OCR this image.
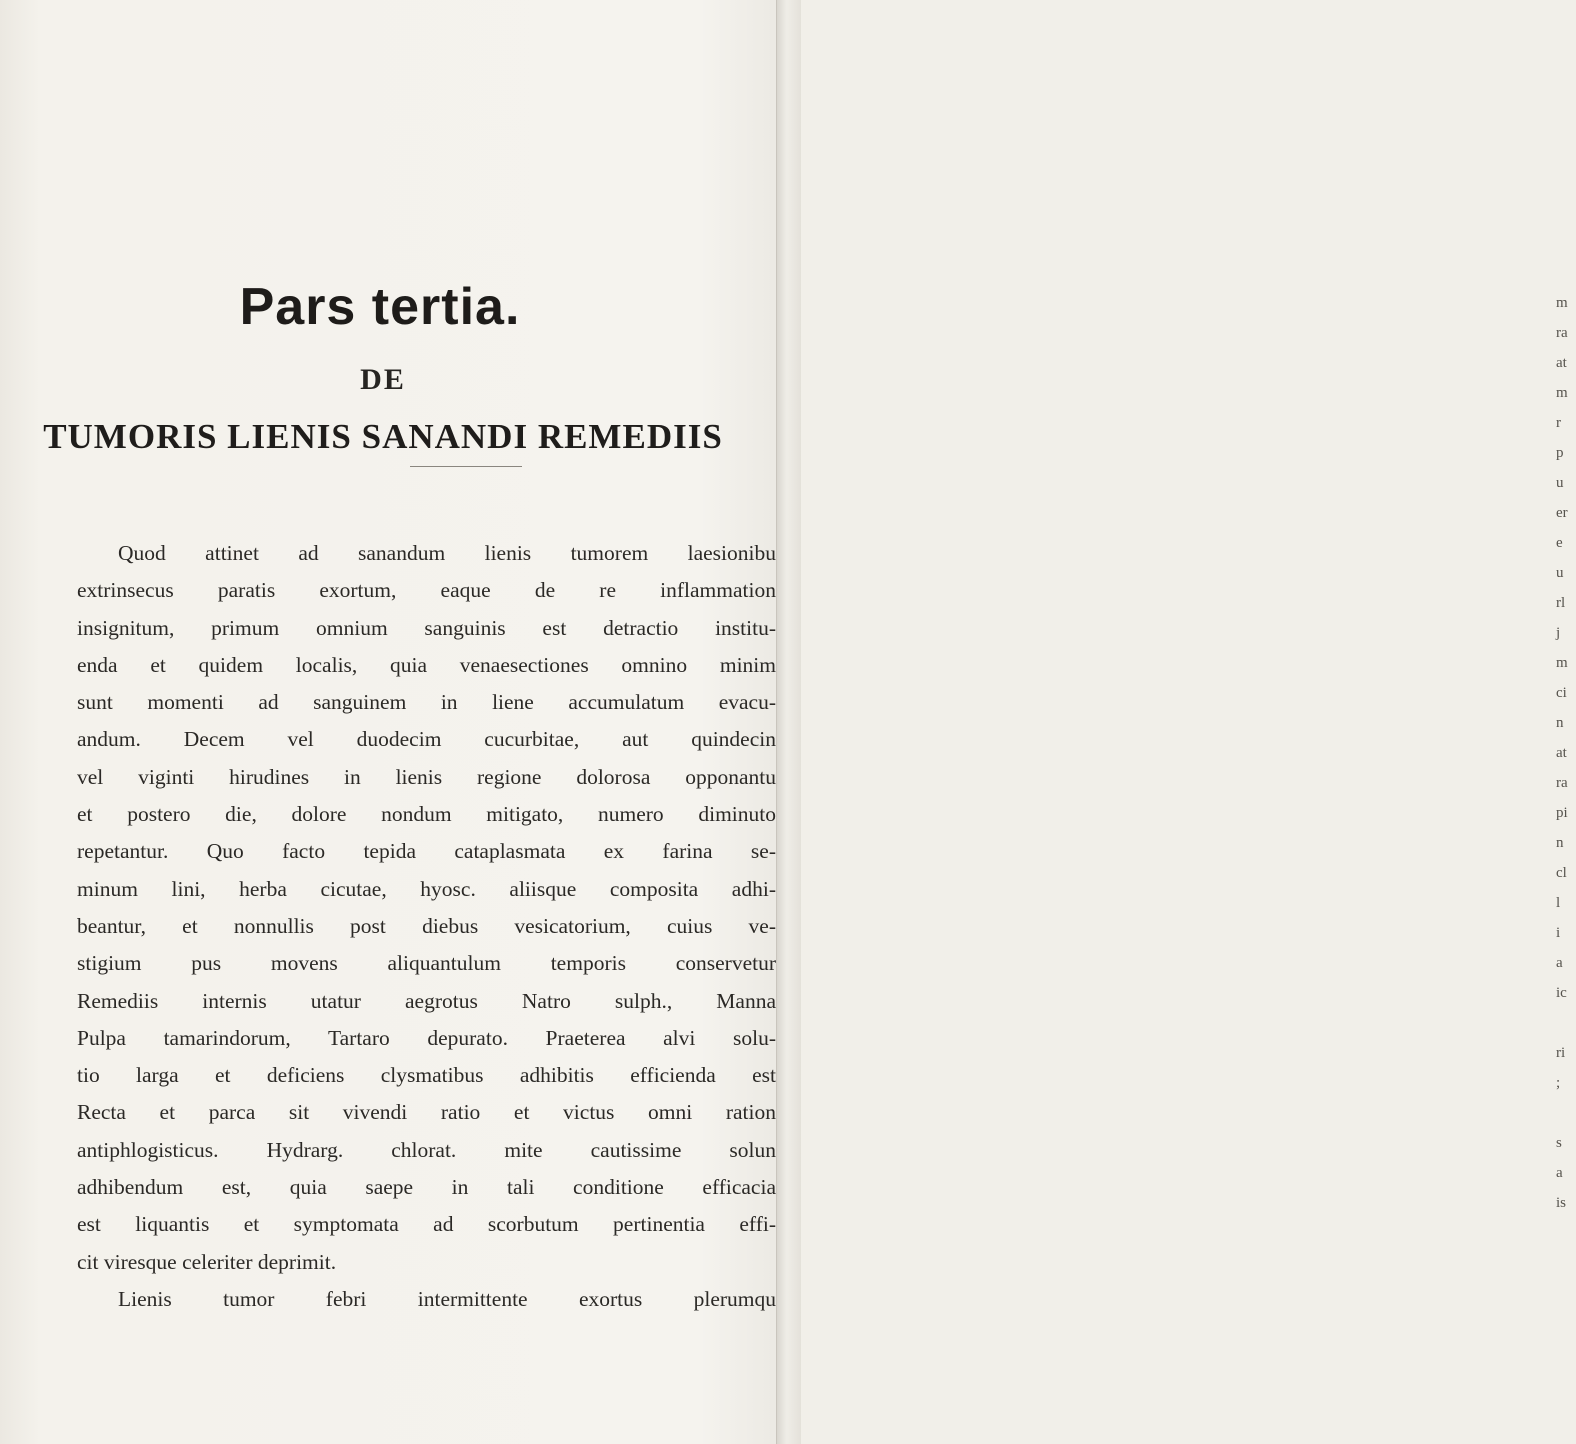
m
ra
at
m
r
p
u
er
e
u
rl
j
m
ci
n
at
ra
pi
n
cl
l
i
a
ic
ri
;
s
a
is
Pars tertia.
DE
TUMORIS LIENIS SANANDI REMEDIIS
Quod attinet ad sanandum lienis tumorem laesionibu
extrinsecus paratis exortum, eaque de re inflammation
insignitum, primum omnium sanguinis est detractio institu-
enda et quidem localis, quia venaesectiones omnino minim
sunt momenti ad sanguinem in liene accumulatum evacu-
andum. Decem vel duodecim cucurbitae, aut quindecin
vel viginti hirudines in lienis regione dolorosa opponantu
et postero die, dolore nondum mitigato, numero diminuto
repetantur. Quo facto tepida cataplasmata ex farina se-
minum lini, herba cicutae, hyosc. aliisque composita adhi-
beantur, et nonnullis post diebus vesicatorium, cuius ve-
stigium pus movens aliquantulum temporis conservetur
Remediis internis utatur aegrotus Natro sulph., Manna
Pulpa tamarindorum, Tartaro depurato. Praeterea alvi solu-
tio larga et deficiens clysmatibus adhibitis efficienda est
Recta et parca sit vivendi ratio et victus omni ration
antiphlogisticus. Hydrarg. chlorat. mite cautissime solun
adhibendum est, quia saepe in tali conditione efficacia
est liquantis et symptomata ad scorbutum pertinentia effi-
cit viresque celeriter deprimit.
Lienis tumor febri intermittente exortus plerumqu
